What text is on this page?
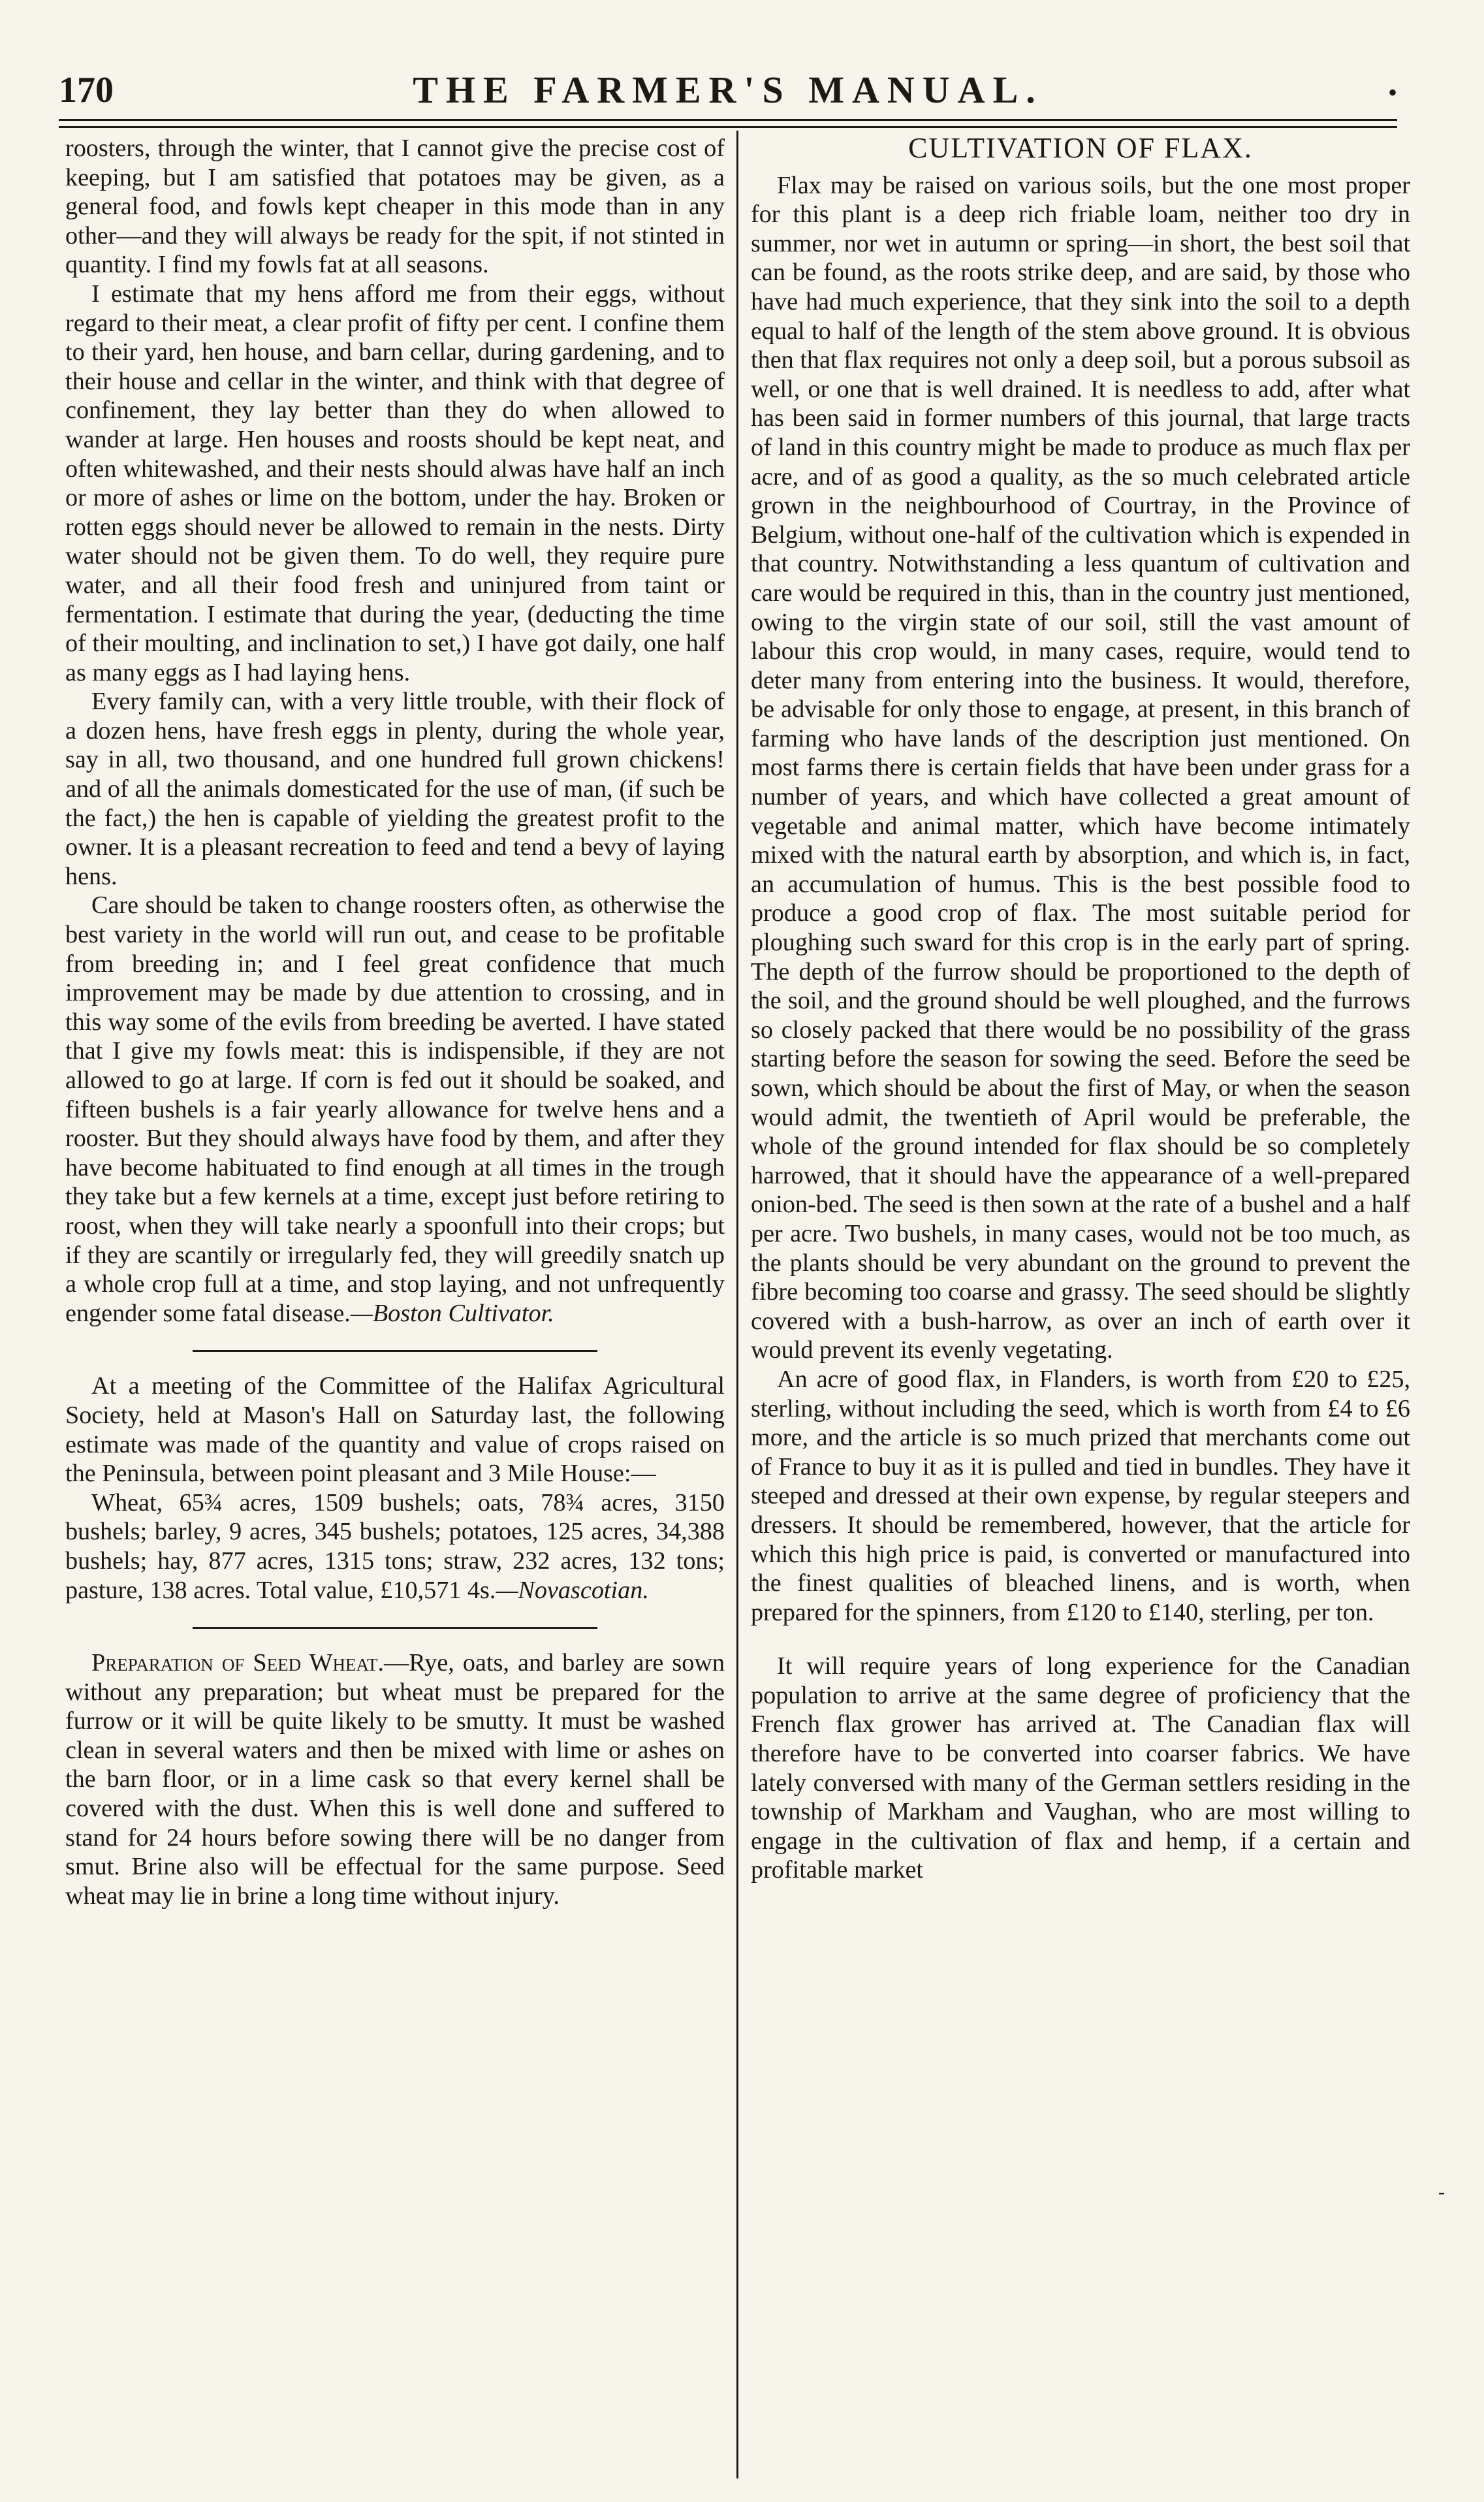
170	THE FARMER'S MANUAL.	•

roosters, through the winter, that I cannot give the precise cost of keeping, but I am satisfied that potatoes may be given, as a general food, and fowls kept cheaper in this mode than in any other—and they will always be ready for the spit, if not stinted in quantity. I find my fowls fat at all seasons.

I estimate that my hens afford me from their eggs, without regard to their meat, a clear profit of fifty per cent. I confine them to their yard, hen house, and barn cellar, during gardening, and to their house and cellar in the winter, and think with that degree of confinement, they lay better than they do when allowed to wander at large. Hen houses and roosts should be kept neat, and often whitewashed, and their nests should alwas have half an inch or more of ashes or lime on the bottom, under the hay. Broken or rotten eggs should never be allowed to remain in the nests. Dirty water should not be given them. To do well, they require pure water, and all their food fresh and uninjured from taint or fermentation. I estimate that during the year, (deducting the time of their moulting, and inclination to set,) I have got daily, one half as many eggs as I had laying hens.

Every family can, with a very little trouble, with their flock of a dozen hens, have fresh eggs in plenty, during the whole year, say in all, two thousand, and one hundred full grown chickens! and of all the animals domesticated for the use of man, (if such be the fact,) the hen is capable of yielding the greatest profit to the owner. It is a pleasant recreation to feed and tend a bevy of laying hens.

Care should be taken to change roosters often, as otherwise the best variety in the world will run out, and cease to be profitable from breeding in; and I feel great confidence that much improvement may be made by due attention to crossing, and in this way some of the evils from breeding be averted. I have stated that I give my fowls meat: this is indispensible, if they are not allowed to go at large. If corn is fed out it should be soaked, and fifteen bushels is a fair yearly allowance for twelve hens and a rooster. But they should always have food by them, and after they have become habituated to find enough at all times in the trough they take but a few kernels at a time, except just before retiring to roost, when they will take nearly a spoonfull into their crops; but if they are scantily or irregularly fed, they will greedily snatch up a whole crop full at a time, and stop laying, and not unfrequently engender some fatal disease.—Boston Cultivator.

At a meeting of the Committee of the Halifax Agricultural Society, held at Mason's Hall on Saturday last, the following estimate was made of the quantity and value of crops raised on the Peninsula, between point pleasant and 3 Mile House:—

Wheat, 65¾ acres, 1509 bushels; oats, 78¾ acres, 3150 bushels; barley, 9 acres, 345 bushels; potatoes, 125 acres, 34,388 bushels; hay, 877 acres, 1315 tons; straw, 232 acres, 132 tons; pasture, 138 acres. Total value, £10,571 4s.—Novascotian.

Preparation of Seed Wheat.—Rye, oats, and barley are sown without any preparation; but wheat must be prepared for the furrow or it will be quite likely to be smutty. It must be washed clean in several waters and then be mixed with lime or ashes on the barn floor, or in a lime cask so that every kernel shall be covered with the dust. When this is well done and suffered to stand for 24 hours before sowing there will be no danger from smut. Brine also will be effectual for the same purpose. Seed wheat may lie in brine a long time without injury.

CULTIVATION OF FLAX.

Flax may be raised on various soils, but the one most proper for this plant is a deep rich friable loam, neither too dry in summer, nor wet in autumn or spring—in short, the best soil that can be found, as the roots strike deep, and are said, by those who have had much experience, that they sink into the soil to a depth equal to half of the length of the stem above ground. It is obvious then that flax requires not only a deep soil, but a porous subsoil as well, or one that is well drained. It is needless to add, after what has been said in former numbers of this journal, that large tracts of land in this country might be made to produce as much flax per acre, and of as good a quality, as the so much celebrated article grown in the neighbourhood of Courtray, in the Province of Belgium, without one-half of the cultivation which is expended in that country. Notwithstanding a less quantum of cultivation and care would be required in this, than in the country just mentioned, owing to the virgin state of our soil, still the vast amount of labour this crop would, in many cases, require, would tend to deter many from entering into the business. It would, therefore, be advisable for only those to engage, at present, in this branch of farming who have lands of the description just mentioned. On most farms there is certain fields that have been under grass for a number of years, and which have collected a great amount of vegetable and animal matter, which have become intimately mixed with the natural earth by absorption, and which is, in fact, an accumulation of humus. This is the best possible food to produce a good crop of flax. The most suitable period for ploughing such sward for this crop is in the early part of spring. The depth of the furrow should be proportioned to the depth of the soil, and the ground should be well ploughed, and the furrows so closely packed that there would be no possibility of the grass starting before the season for sowing the seed. Before the seed be sown, which should be about the first of May, or when the season would admit, the twentieth of April would be preferable, the whole of the ground intended for flax should be so completely harrowed, that it should have the appearance of a well-prepared onion-bed. The seed is then sown at the rate of a bushel and a half per acre. Two bushels, in many cases, would not be too much, as the plants should be very abundant on the ground to prevent the fibre becoming too coarse and grassy. The seed should be slightly covered with a bush-harrow, as over an inch of earth over it would prevent its evenly vegetating.

An acre of good flax, in Flanders, is worth from £20 to £25, sterling, without including the seed, which is worth from £4 to £6 more, and the article is so much prized that merchants come out of France to buy it as it is pulled and tied in bundles. They have it steeped and dressed at their own expense, by regular steepers and dressers. It should be remembered, however, that the article for which this high price is paid, is converted or manufactured into the finest qualities of bleached linens, and is worth, when prepared for the spinners, from £120 to £140, sterling, per ton.

It will require years of long experience for the Canadian population to arrive at the same degree of proficiency that the French flax grower has arrived at. The Canadian flax will therefore have to be converted into coarser fabrics. We have lately conversed with many of the German settlers residing in the township of Markham and Vaughan, who are most willing to engage in the cultivation of flax and hemp, if a certain and profitable market

-
